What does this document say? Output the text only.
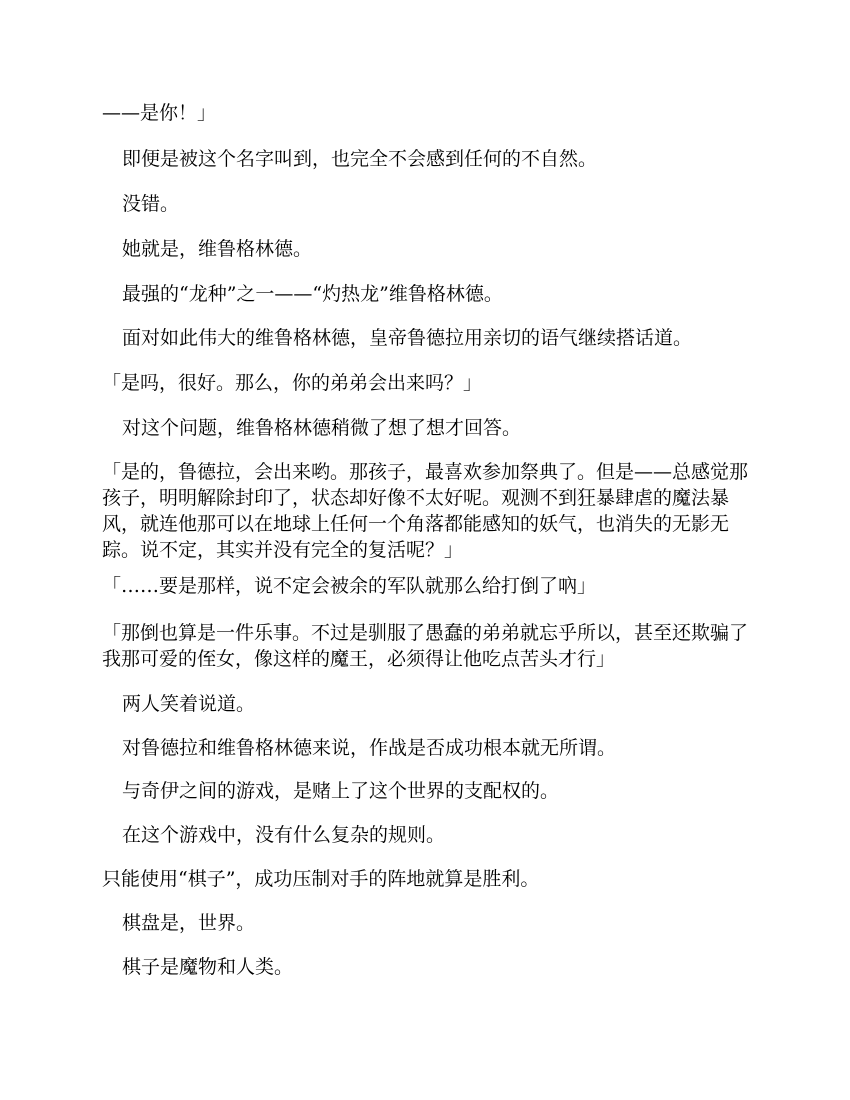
——是你！」

即便是被这个名字叫到，也完全不会感到任何的不自然。

没错。

她就是，维鲁格林德。

最强的“龙种”之一——“灼热龙”维鲁格林德。

面对如此伟大的维鲁格林德，皇帝鲁德拉用亲切的语气继续搭话道。

「是吗，很好。那么，你的弟弟会出来吗？」

对这个问题，维鲁格林德稍微了想了想才回答。

「是的，鲁德拉，会出来哟。那孩子，最喜欢参加祭典了。但是——总感觉那孩子，明明解除封印了，状态却好像不太好呢。观测不到狂暴肆虐的魔法暴风，就连他那可以在地球上任何一个角落都能感知的妖气，也消失的无影无踪。说不定，其实并没有完全的复活呢？」

「……要是那样，说不定会被余的军队就那么给打倒了吶」

「那倒也算是一件乐事。不过是驯服了愚蠢的弟弟就忘乎所以，甚至还欺骗了我那可爱的侄女，像这样的魔王，必须得让他吃点苦头才行」

两人笑着说道。

对鲁德拉和维鲁格林德来说，作战是否成功根本就无所谓。

与奇伊之间的游戏，是赌上了这个世界的支配权的。

在这个游戏中，没有什么复杂的规则。

只能使用“棋子”，成功压制对手的阵地就算是胜利。

棋盘是，世界。

棋子是魔物和人类。
